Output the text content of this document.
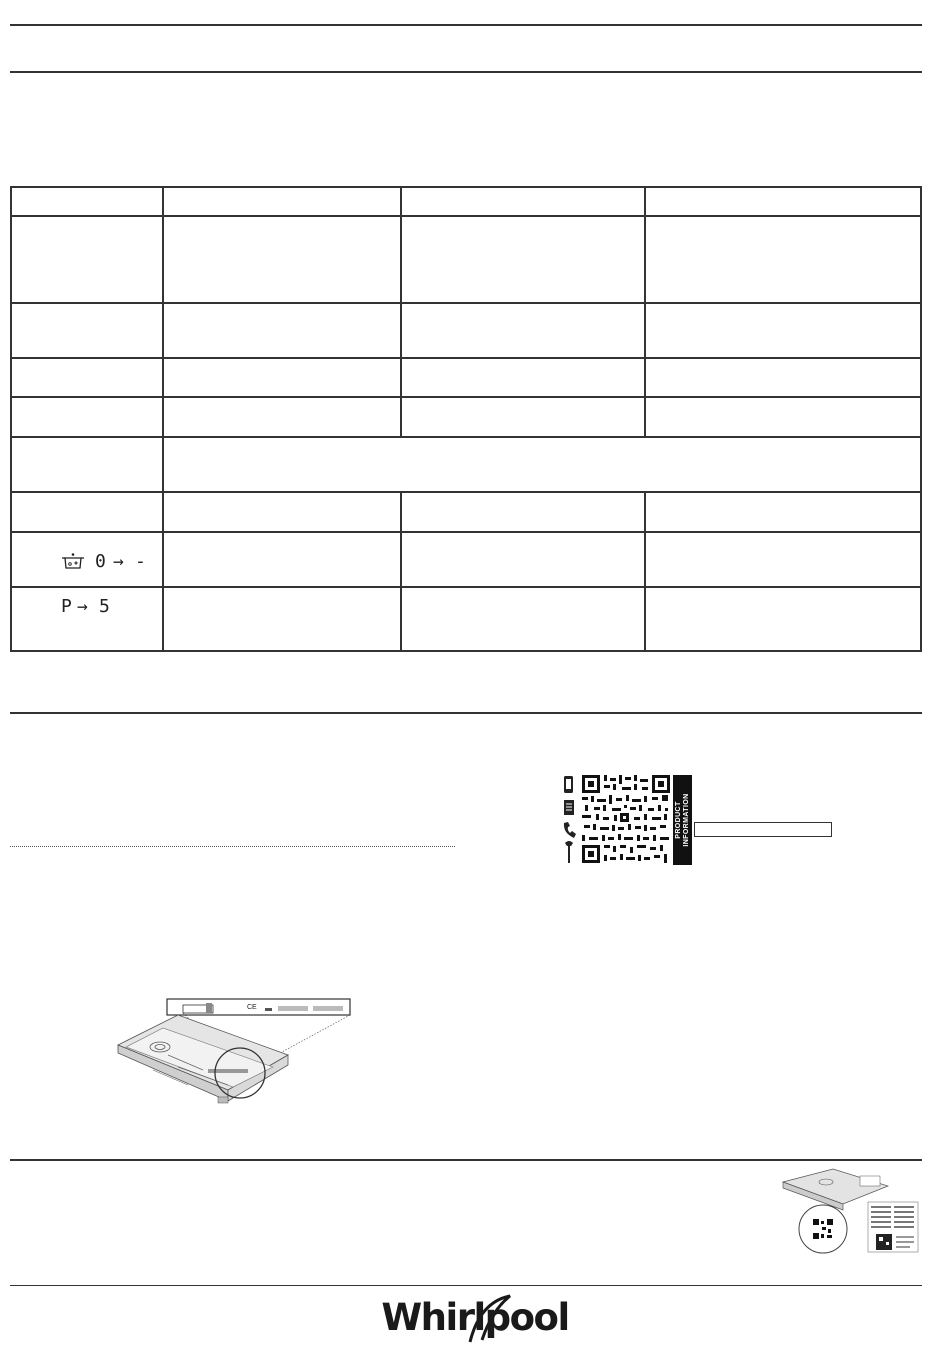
0 → -
P → 5
PRODUCT
INFORMATION
CE
Whirlpool
